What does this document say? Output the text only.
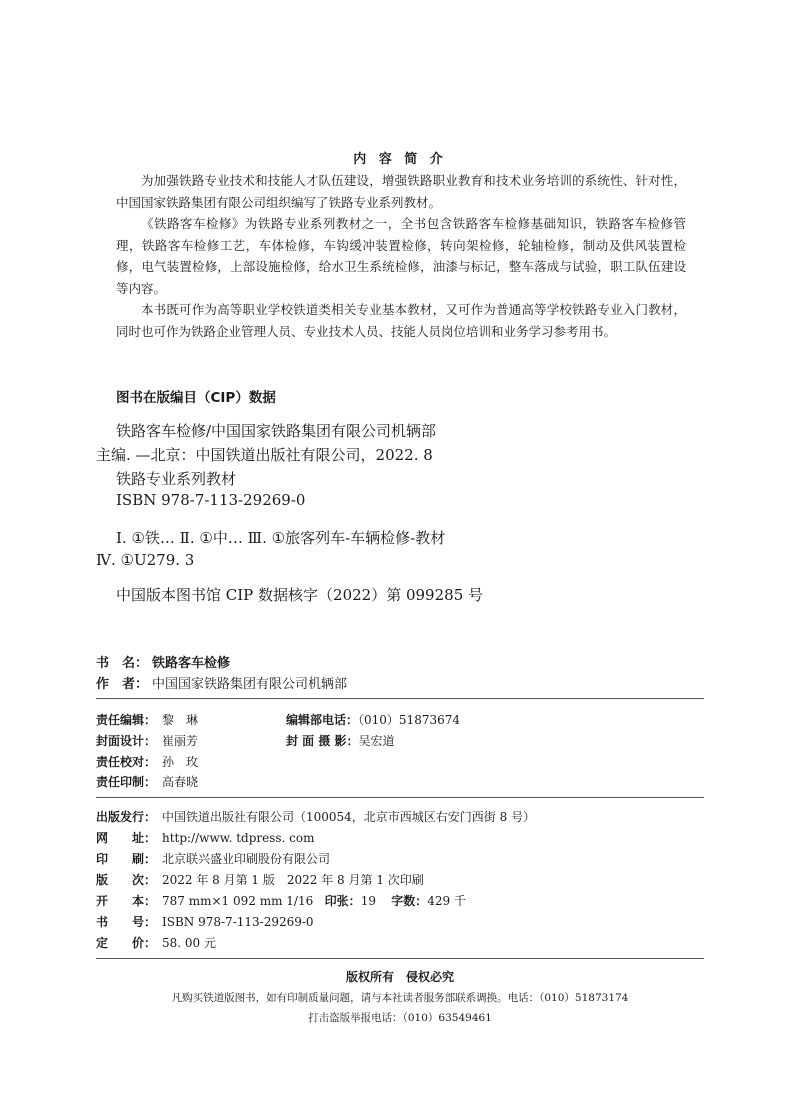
内 容 简 介

为加强铁路专业技术和技能人才队伍建设，增强铁路职业教育和技术业务培训的系统性、针对性，中国国家铁路集团有限公司组织编写了铁路专业系列教材。

《铁路客车检修》为铁路专业系列教材之一，全书包含铁路客车检修基础知识，铁路客车检修管理，铁路客车检修工艺，车体检修，车钩缓冲装置检修，转向架检修，轮轴检修，制动及供风装置检修，电气装置检修，上部设施检修，给水卫生系统检修，油漆与标记，整车落成与试验，职工队伍建设等内容。

本书既可作为高等职业学校铁道类相关专业基本教材，又可作为普通高等学校铁路专业入门教材，同时也可作为铁路企业管理人员、专业技术人员、技能人员岗位培训和业务学习参考用书。

图书在版编目（CIP）数据
铁路客车检修/中国国家铁路集团有限公司机辆部
主编. —北京：中国铁道出版社有限公司，2022. 8
铁路专业系列教材
ISBN 978-7-113-29269-0
Ⅰ. ①铁… Ⅱ. ①中… Ⅲ. ①旅客列车-车辆检修-教材
Ⅳ. ①U279. 3
中国版本图书馆 CIP 数据核字（2022）第 099285 号
书　名： 铁路客车检修
作　者： 中国国家铁路集团有限公司机辆部
责任编辑： 黎　琳	编辑部电话：（010）51873674
封面设计： 崔丽芳	封 面 摄 影：吴宏道
责任校对： 孙　玫
责任印制： 高春晓
出版发行： 中国铁道出版社有限公司（100054，北京市西城区右安门西街 8 号）
网　　址： http://www. tdpress. com
印　　刷： 北京联兴盛业印刷股份有限公司
版　　次： 2022 年 8 月第 1 版　2022 年 8 月第 1 次印刷
开　　本： 787 mm×1 092 mm 1/16 印张：19 字数：429 千
书　　号： ISBN 978-7-113-29269-0
定　　价： 58. 00 元
版权所有　侵权必究
凡购买铁道版图书，如有印制质量问题，请与本社读者服务部联系调换。电话：（010）51873174
打击盗版举报电话：（010）63549461
